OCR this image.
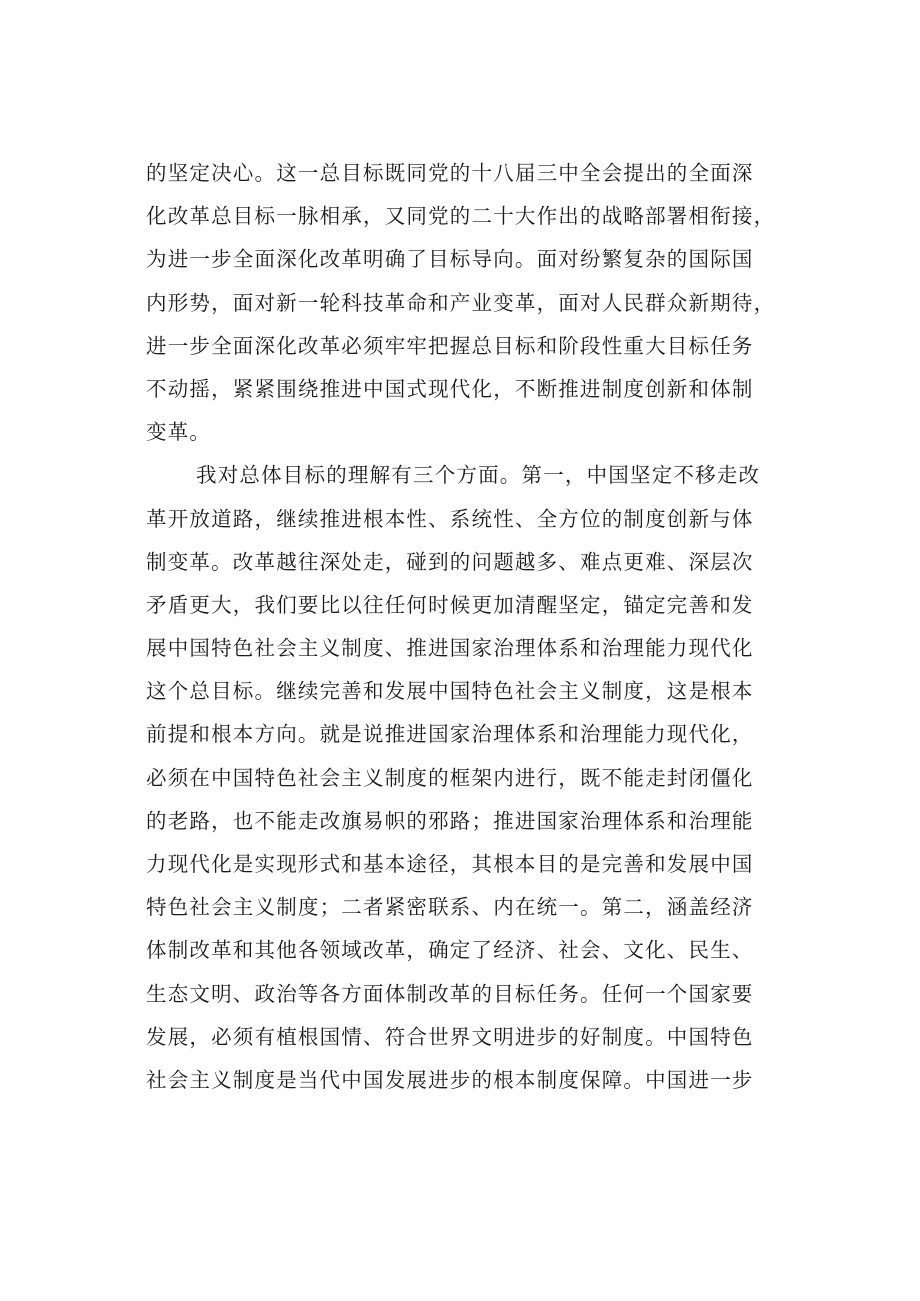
的坚定决心。这一总目标既同党的十八届三中全会提出的全面深
化改革总目标一脉相承，又同党的二十大作出的战略部署相衔接，
为进一步全面深化改革明确了目标导向。面对纷繁复杂的国际国
内形势，面对新一轮科技革命和产业变革，面对人民群众新期待，
进一步全面深化改革必须牢牢把握总目标和阶段性重大目标任务
不动摇，紧紧围绕推进中国式现代化，不断推进制度创新和体制
变革。
我对总体目标的理解有三个方面。第一，中国坚定不移走改
革开放道路，继续推进根本性、系统性、全方位的制度创新与体
制变革。改革越往深处走，碰到的问题越多、难点更难、深层次
矛盾更大，我们要比以往任何时候更加清醒坚定，锚定完善和发
展中国特色社会主义制度、推进国家治理体系和治理能力现代化
这个总目标。继续完善和发展中国特色社会主义制度，这是根本
前提和根本方向。就是说推进国家治理体系和治理能力现代化，
必须在中国特色社会主义制度的框架内进行，既不能走封闭僵化
的老路，也不能走改旗易帜的邪路；推进国家治理体系和治理能
力现代化是实现形式和基本途径，其根本目的是完善和发展中国
特色社会主义制度；二者紧密联系、内在统一。第二，涵盖经济
体制改革和其他各领域改革，确定了经济、社会、文化、民生、
生态文明、政治等各方面体制改革的目标任务。任何一个国家要
发展，必须有植根国情、符合世界文明进步的好制度。中国特色
社会主义制度是当代中国发展进步的根本制度保障。中国进一步
